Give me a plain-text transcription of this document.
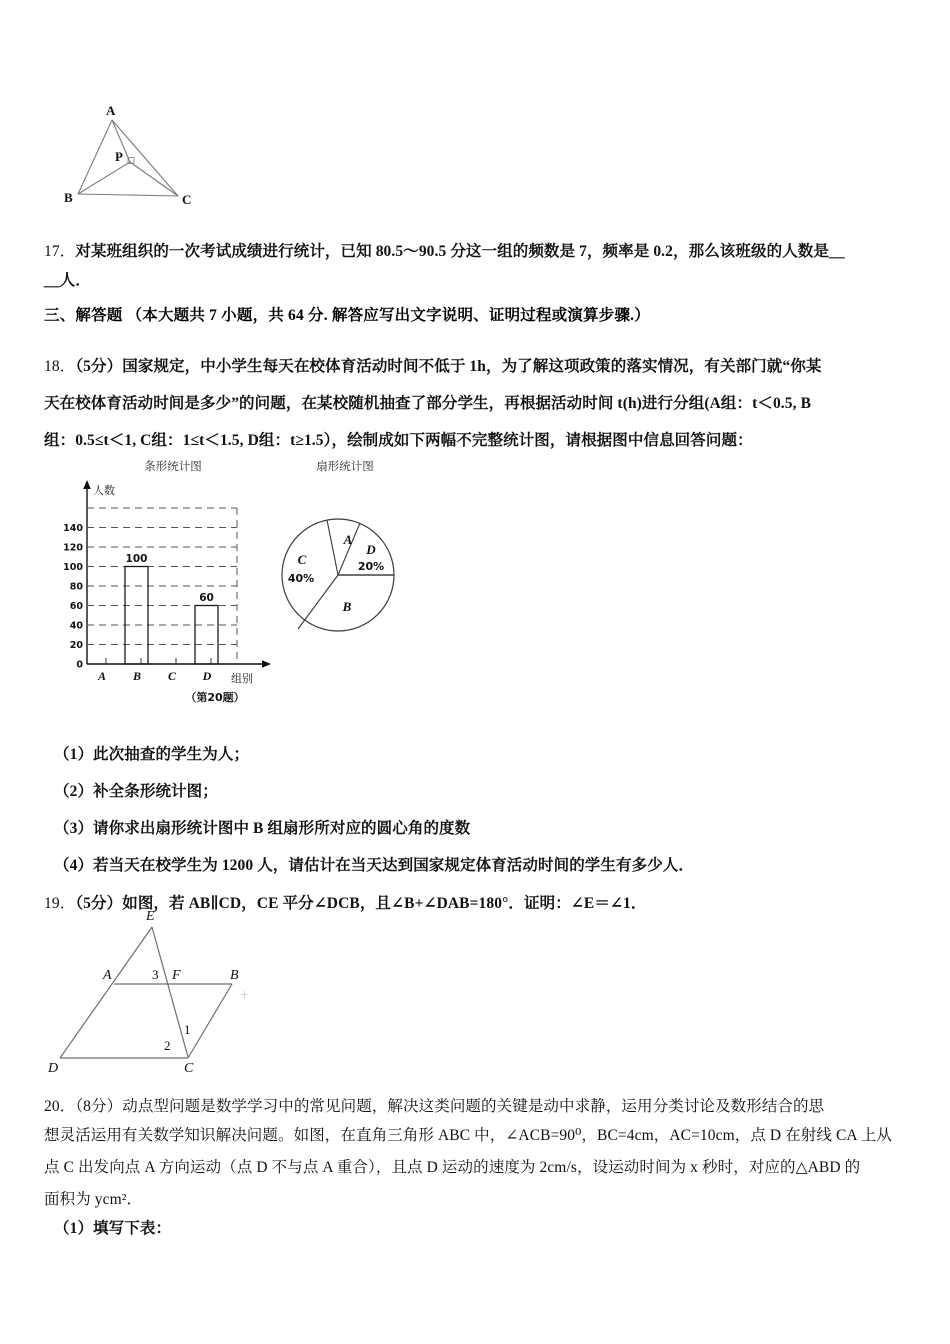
A
B	C
P
17．对某班组织的一次考试成绩进行统计，已知 80.5～90.5 分这一组的频数是 7，频率是 0.2，那么该班级的人数是＿
＿人．
三、解答题 （本大题共 7 小题，共 64 分. 解答应写出文字说明、证明过程或演算步骤.）
18．（5分）国家规定，中小学生每天在校体育活动时间不低于 1h，为了解这项政策的落实情况，有关部门就“你某
天在校体育活动时间是多少”的问题，在某校随机抽查了部分学生，再根据活动时间 t(h)进行分组(A组：t＜0.5, B
组：0.5≤t＜1, C组：1≤t＜1.5, D组：t≥1.5），绘制成如下两幅不完整统计图，请根据图中信息回答问题：
条形统计图
人数
组别
0
20
40
60
80
100
120
140
100
60
A B C D
（第20题）
扇形统计图
A
D
20%
B
C
40%
（1）此次抽查的学生为人；
（2）补全条形统计图；
（3）请你求出扇形统计图中 B 组扇形所对应的圆心角的度数
（4）若当天在校学生为 1200 人，请估计在当天达到国家规定体育活动时间的学生有多少人．
19．（5分）如图，若 AB∥CD，CE 平分∠DCB，且∠B+∠DAB=180°．证明：∠E＝∠1．
E
A	F	B
D	C
3
1
2
＋
20．（8分）动点型问题是数学学习中的常见问题，解决这类问题的关键是动中求静，运用分类讨论及数形结合的思
想灵活运用有关数学知识解决问题。如图，在直角三角形 ABC 中，∠ACB=90⁰，BC=4cm，AC=10cm，点 D 在射线 CA 上从
点 C 出发向点 A 方向运动（点 D 不与点 A 重合），且点 D 运动的速度为 2cm/s，设运动时间为 x 秒时，对应的△ABD 的
面积为 ycm²．
（1）填写下表：
